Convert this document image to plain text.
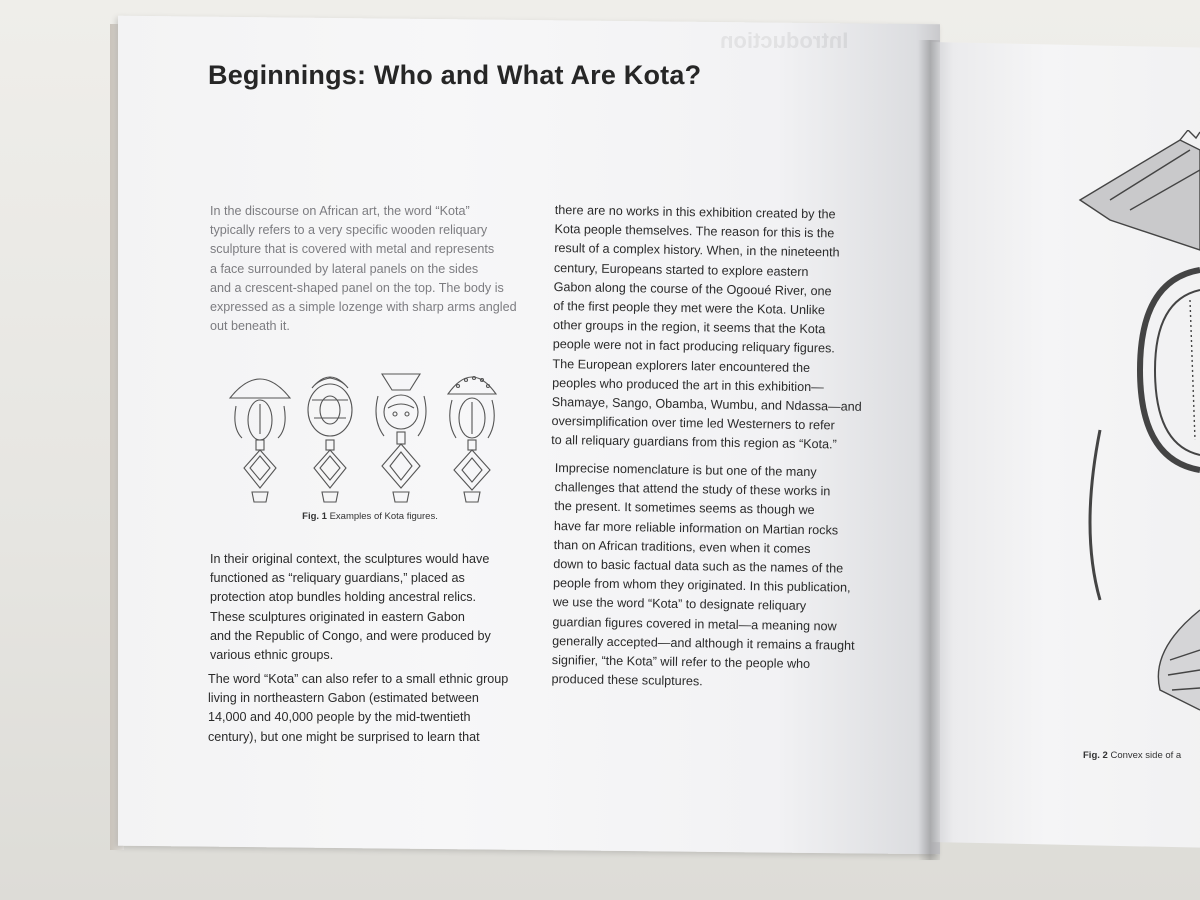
Introduction
Beginnings: Who and What Are Kota?
In the discourse on African art, the word “Kota”
typically refers to a very specific wooden reliquary
sculpture that is covered with metal and represents
a face surrounded by lateral panels on the sides
and a crescent-shaped panel on the top. The body is
expressed as a simple lozenge with sharp arms angled
out beneath it.
Fig. 1 Examples of Kota figures.
In their original context, the sculptures would have
functioned as “reliquary guardians,” placed as
protection atop bundles holding ancestral relics.
These sculptures originated in eastern Gabon
and the Republic of Congo, and were produced by
various ethnic groups.
The word “Kota” can also refer to a small ethnic group
living in northeastern Gabon (estimated between
14,000 and 40,000 people by the mid-twentieth
century), but one might be surprised to learn that
there are no works in this exhibition created by the
Kota people themselves. The reason for this is the
result of a complex history. When, in the nineteenth
century, Europeans started to explore eastern
Gabon along the course of the Ogooué River, one
of the first people they met were the Kota. Unlike
other groups in the region, it seems that the Kota
people were not in fact producing reliquary figures.
The European explorers later encountered the
peoples who produced the art in this exhibition—
Shamaye, Sango, Obamba, Wumbu, and Ndassa—and
oversimplification over time led Westerners to refer
to all reliquary guardians from this region as “Kota.”
Imprecise nomenclature is but one of the many
challenges that attend the study of these works in
the present. It sometimes seems as though we
have far more reliable information on Martian rocks
than on African traditions, even when it comes
down to basic factual data such as the names of the
people from whom they originated. In this publication,
we use the word “Kota” to designate reliquary
guardian figures covered in metal—a meaning now
generally accepted—and although it remains a fraught
signifier, “the Kota” will refer to the people who
produced these sculptures.
Fig. 2 Convex side of a
